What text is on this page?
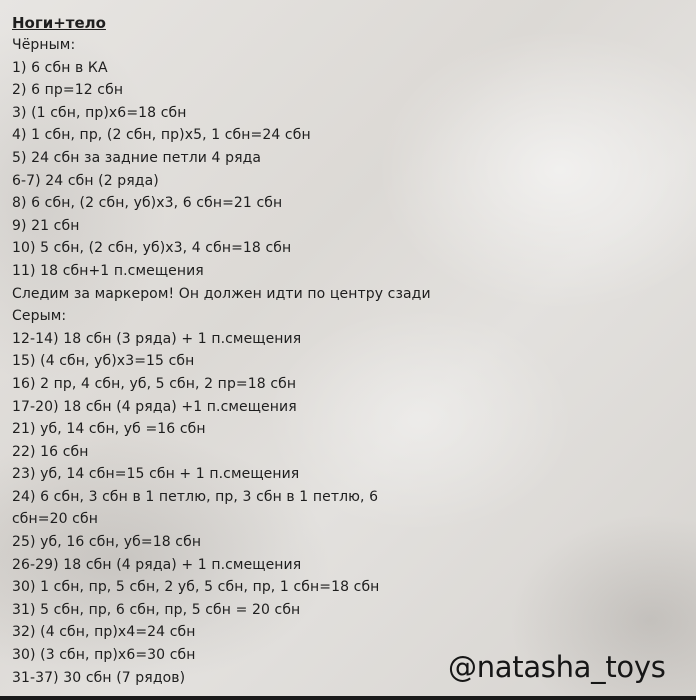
Ноги+тело
Чёрным:
1) 6 сбн в КА
2) 6 пр=12 сбн
3) (1 сбн, пр)х6=18 сбн
4) 1 сбн, пр, (2 сбн, пр)х5, 1 сбн=24 сбн
5) 24 сбн за задние петли 4 ряда
6-7) 24 сбн (2 ряда)
8) 6 сбн, (2 сбн, уб)х3, 6 сбн=21 сбн
9) 21 сбн
10) 5 сбн, (2 сбн, уб)х3, 4 сбн=18 сбн
11) 18 сбн+1 п.смещения
Следим за маркером! Он должен идти по центру сзади
Серым:
12-14) 18 сбн (3 ряда) + 1 п.смещения
15) (4 сбн, уб)х3=15 сбн
16) 2 пр, 4 сбн, уб, 5 сбн, 2 пр=18 сбн
17-20) 18 сбн (4 ряда) +1 п.смещения
21) уб, 14 сбн, уб =16 сбн
22) 16 сбн
23) уб, 14 сбн=15 сбн + 1 п.смещения
24) 6 сбн, 3 сбн в 1 петлю, пр, 3 сбн в 1 петлю, 6
сбн=20 сбн
25) уб, 16 сбн, уб=18 сбн
26-29) 18 сбн (4 ряда) + 1 п.смещения
30) 1 сбн, пр, 5 сбн, 2 уб, 5 сбн, пр, 1 сбн=18 сбн
31) 5 сбн, пр, 6 сбн, пр, 5 сбн = 20 сбн
32) (4 сбн, пр)х4=24 сбн
30) (3 сбн, пр)х6=30 сбн
31-37) 30 сбн (7 рядов)	@natasha_toys
